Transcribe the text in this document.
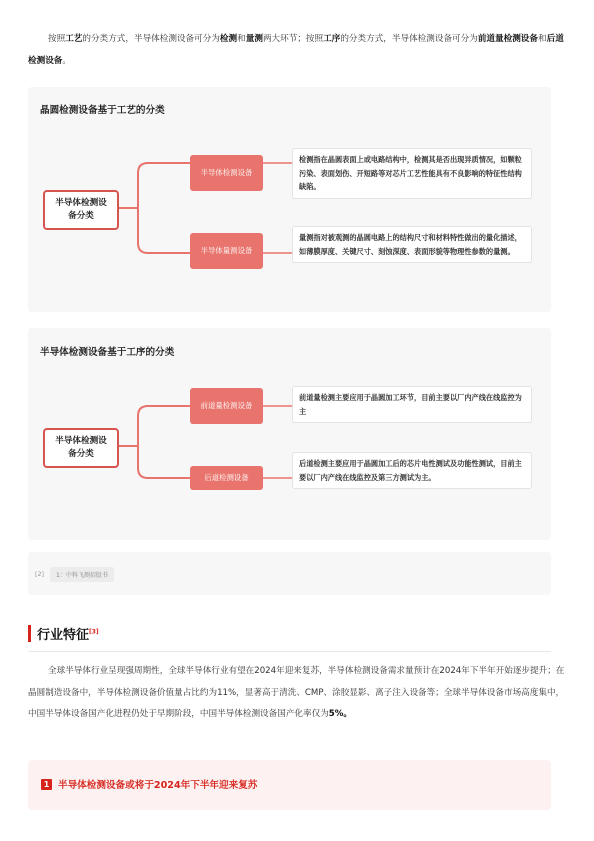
按照工艺的分类方式，半导体检测设备可分为检测和量测两大环节；按照工序的分类方式，半导体检测设备可分为前道量检测设备和后道检测设备。
晶圆检测设备基于工艺的分类
半导体检测设备分类
半导体检测设备
半导体量测设备
检测指在晶圆表面上或电路结构中，检测其是否出现异质情况，如颗粒污染、表面划伤、开短路等对芯片工艺性能具有不良影响的特征性结构缺陷。
量测指对被观测的晶圆电路上的结构尺寸和材料特性做出的量化描述，如薄膜厚度、关键尺寸、刻蚀深度、表面形貌等物理性参数的量测。
半导体检测设备基于工序的分类
半导体检测设备分类
前道量检测设备
后道检测设备
前道量检测主要应用于晶圆加工环节，目前主要以厂内产线在线监控为主
后道检测主要应用于晶圆加工后的芯片电性测试及功能性测试，目前主要以厂内产线在线监控及第三方测试为主。
[2]	1：中科飞测招股书
行业特征[3]
全球半导体行业呈现强周期性，全球半导体行业有望在2024年迎来复苏，半导体检测设备需求量预计在2024年下半年开始逐步提升；在晶圆制造设备中，半导体检测设备价值量占比约为11%，显著高于清洗、CMP、涂胶显影、离子注入设备等；全球半导体设备市场高度集中，中国半导体设备国产化进程仍处于早期阶段，中国半导体检测设备国产化率仅为5%。
1 半导体检测设备或将于2024年下半年迎来复苏
